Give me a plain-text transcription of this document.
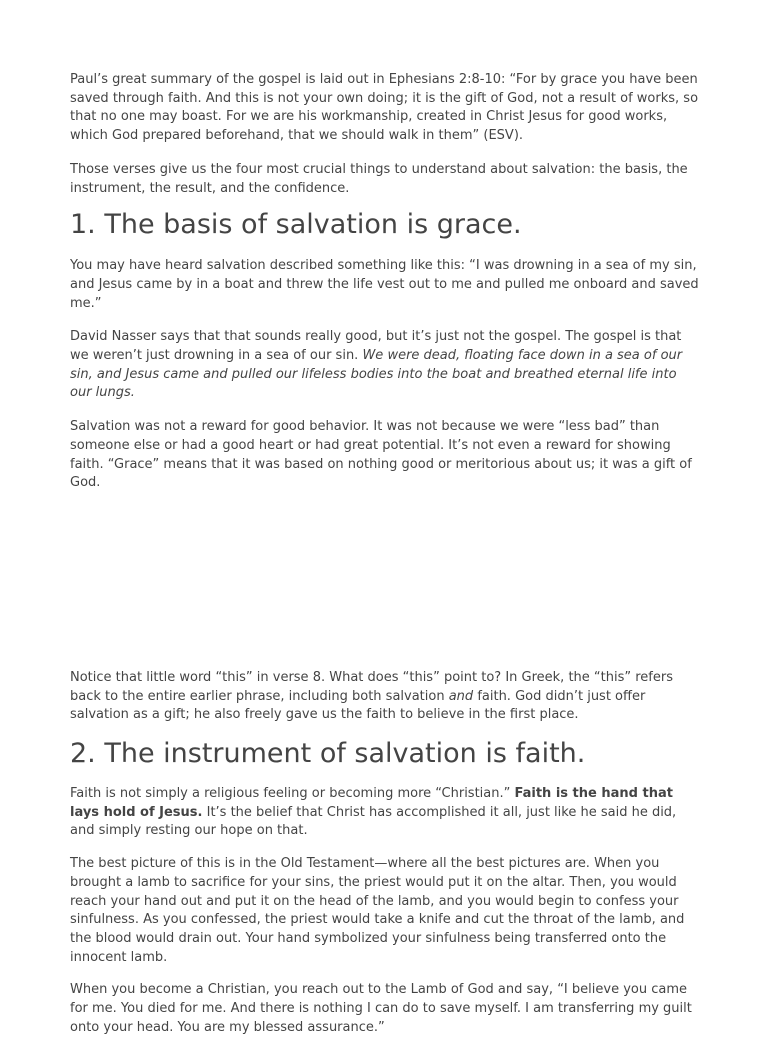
Paul’s great summary of the gospel is laid out in Ephesians 2:8-10: “For by grace you have been saved through faith. And this is not your own doing; it is the gift of God, not a result of works, so that no one may boast. For we are his workmanship, created in Christ Jesus for good works, which God prepared beforehand, that we should walk in them” (ESV).

Those verses give us the four most crucial things to understand about salvation: the basis, the instrument, the result, and the confidence.

1. The basis of salvation is grace.

You may have heard salvation described something like this: “I was drowning in a sea of my sin, and Jesus came by in a boat and threw the life vest out to me and pulled me onboard and saved me.”

David Nasser says that that sounds really good, but it’s just not the gospel. The gospel is that we weren’t just drowning in a sea of our sin. We were dead, floating face down in a sea of our sin, and Jesus came and pulled our lifeless bodies into the boat and breathed eternal life into our lungs.

Salvation was not a reward for good behavior. It was not because we were “less bad” than someone else or had a good heart or had great potential. It’s not even a reward for showing faith. “Grace” means that it was based on nothing good or meritorious about us; it was a gift of God.

Notice that little word “this” in verse 8. What does “this” point to? In Greek, the “this” refers back to the entire earlier phrase, including both salvation and faith. God didn’t just offer salvation as a gift; he also freely gave us the faith to believe in the first place.

2. The instrument of salvation is faith.

Faith is not simply a religious feeling or becoming more “Christian.” Faith is the hand that lays hold of Jesus. It’s the belief that Christ has accomplished it all, just like he said he did, and simply resting our hope on that.

The best picture of this is in the Old Testament—where all the best pictures are. When you brought a lamb to sacrifice for your sins, the priest would put it on the altar. Then, you would reach your hand out and put it on the head of the lamb, and you would begin to confess your sinfulness. As you confessed, the priest would take a knife and cut the throat of the lamb, and the blood would drain out. Your hand symbolized your sinfulness being transferred onto the innocent lamb.

When you become a Christian, you reach out to the Lamb of God and say, “I believe you came for me. You died for me. And there is nothing I can do to save myself. I am transferring my guilt onto your head. You are my blessed assurance.”
